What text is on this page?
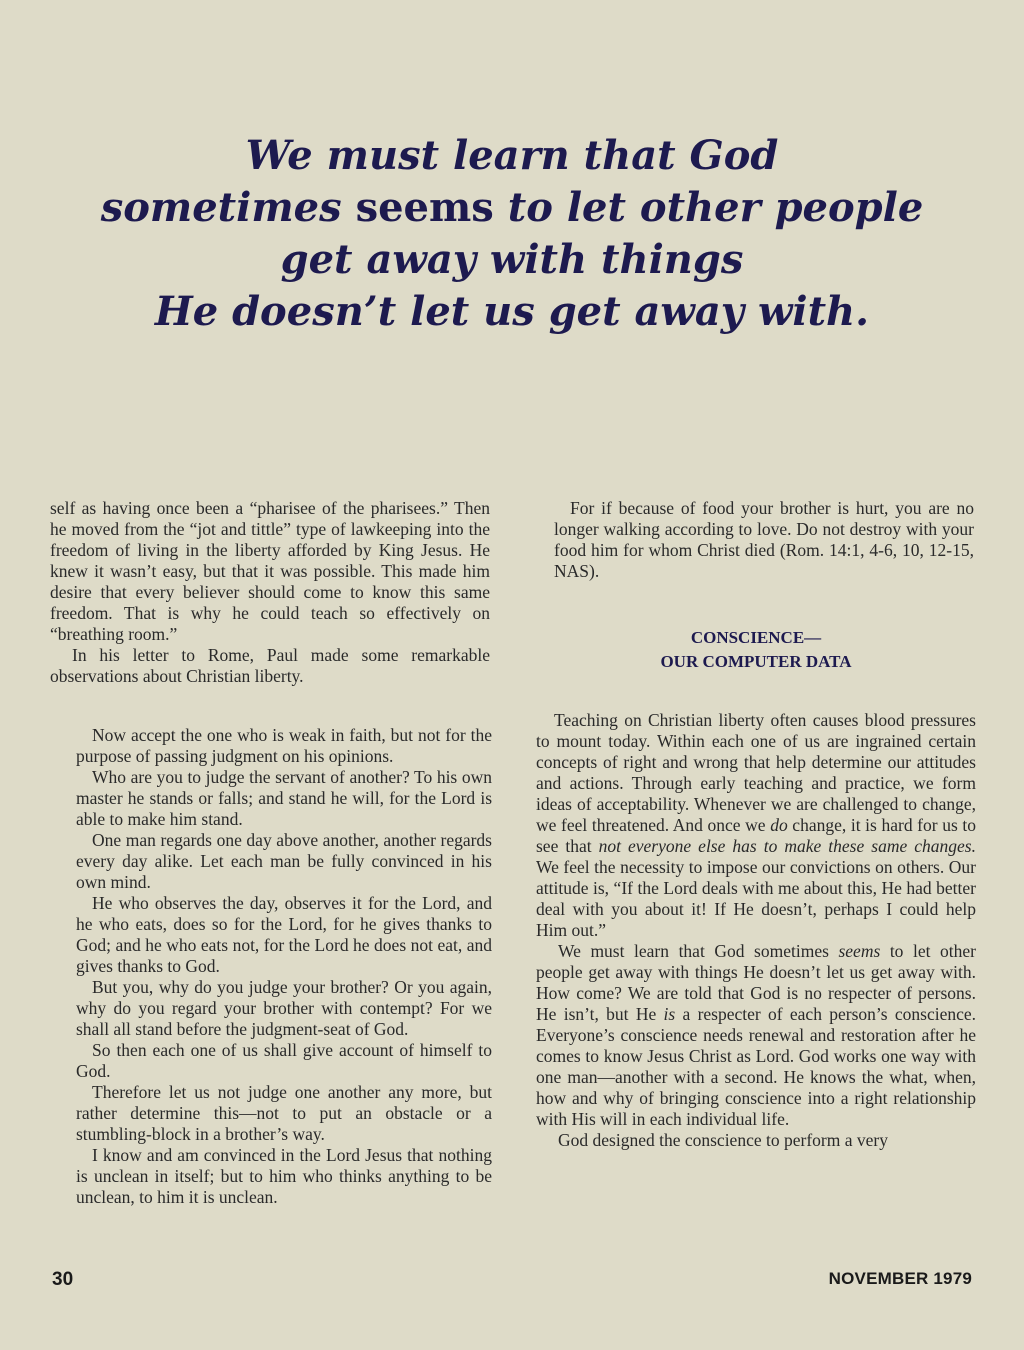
We must learn that God
sometimes seems to let other people
get away with things
He doesn’t let us get away with.

self as having once been a “pharisee of the pharisees.” Then he moved from the “jot and tittle” type of lawkeeping into the freedom of living in the liberty afforded by King Jesus. He knew it wasn’t easy, but that it was possible. This made him desire that every believer should come to know this same freedom. That is why he could teach so effectively on “breathing room.”

In his letter to Rome, Paul made some remarkable observations about Christian liberty.

Now accept the one who is weak in faith, but not for the purpose of passing judgment on his opinions.

Who are you to judge the servant of another? To his own master he stands or falls; and stand he will, for the Lord is able to make him stand.

One man regards one day above another, another regards every day alike. Let each man be fully convinced in his own mind.

He who observes the day, observes it for the Lord, and he who eats, does so for the Lord, for he gives thanks to God; and he who eats not, for the Lord he does not eat, and gives thanks to God.

But you, why do you judge your brother? Or you again, why do you regard your brother with contempt? For we shall all stand before the judgment-seat of God.

So then each one of us shall give account of himself to God.

Therefore let us not judge one another any more, but rather determine this—not to put an obstacle or a stumbling-block in a brother’s way.

I know and am convinced in the Lord Jesus that nothing is unclean in itself; but to him who thinks anything to be unclean, to him it is unclean.

For if because of food your brother is hurt, you are no longer walking according to love. Do not destroy with your food him for whom Christ died (Rom. 14:1, 4-6, 10, 12-15, NAS).

CONSCIENCE—
OUR COMPUTER DATA

Teaching on Christian liberty often causes blood pressures to mount today. Within each one of us are ingrained certain concepts of right and wrong that help determine our attitudes and actions. Through early teaching and practice, we form ideas of acceptability. Whenever we are challenged to change, we feel threatened. And once we do change, it is hard for us to see that not everyone else has to make these same changes. We feel the necessity to impose our convictions on others. Our attitude is, “If the Lord deals with me about this, He had better deal with you about it! If He doesn’t, perhaps I could help Him out.”

We must learn that God sometimes seems to let other people get away with things He doesn’t let us get away with. How come? We are told that God is no respecter of persons. He isn’t, but He is a respecter of each person’s conscience. Everyone’s conscience needs renewal and restoration after he comes to know Jesus Christ as Lord. God works one way with one man—another with a second. He knows the what, when, how and why of bringing conscience into a right relationship with His will in each individual life.

God designed the conscience to perform a very

30	NOVEMBER 1979
